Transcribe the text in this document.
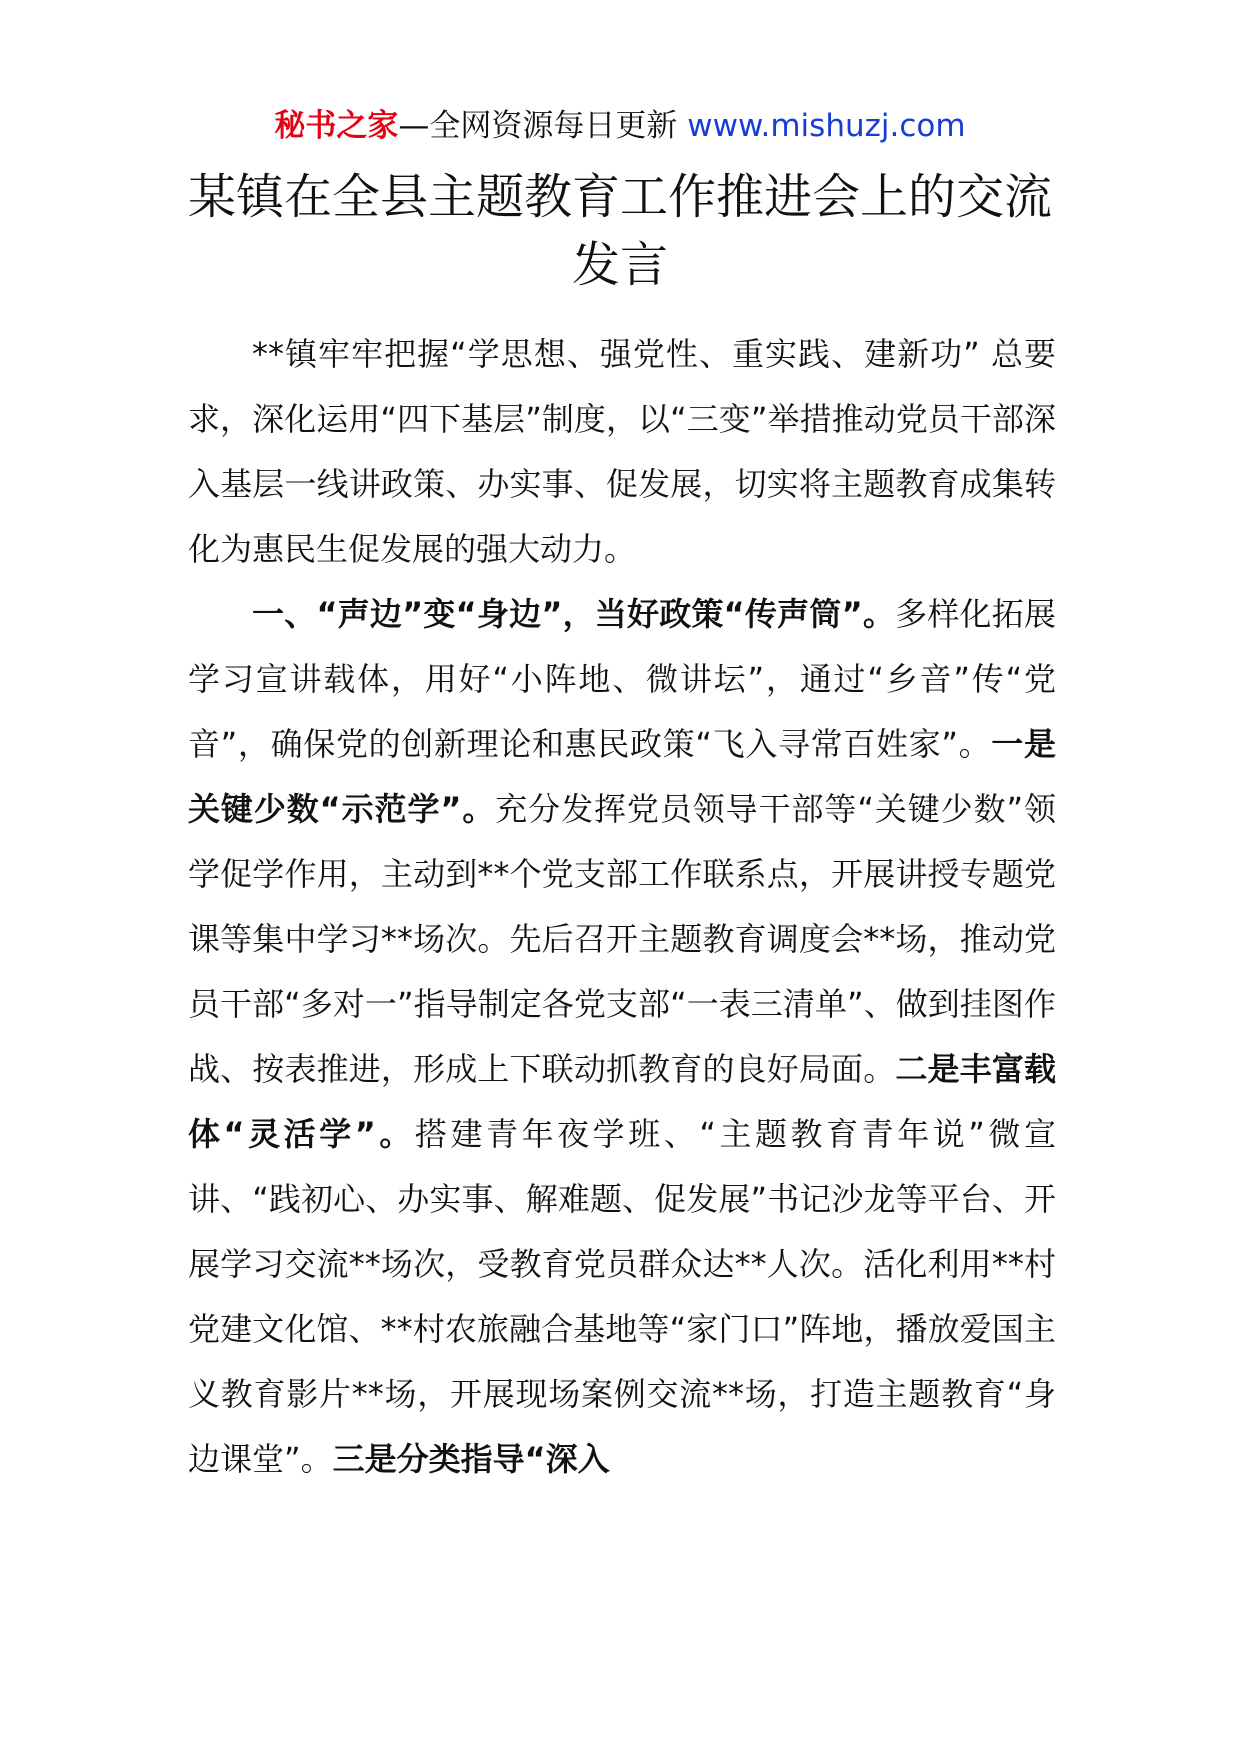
秘书之家—全网资源每日更新 www.mishuzj.com
某镇在全县主题教育工作推进会上的交流
发言

**镇牢牢把握“学思想、强党性、重实践、建新功” 总要求，深化运用“四下基层”制度，以“三变”举措推动党员干部深入基层一线讲政策、办实事、促发展，切实将主题教育成集转化为惠民生促发展的强大动力。

一、“声边”变“身边”，当好政策“传声筒”。多样化拓展学习宣讲载体，用好“小阵地、微讲坛”，通过“乡音”传“党音”，确保党的创新理论和惠民政策“飞入寻常百姓家”。一是关键少数“示范学”。充分发挥党员领导干部等“关键少数”领学促学作用，主动到**个党支部工作联系点，开展讲授专题党课等集中学习**场次。先后召开主题教育调度会**场，推动党员干部“多对一”指导制定各党支部“一表三清单”、做到挂图作战、按表推进，形成上下联动抓教育的良好局面。二是丰富载体“灵活学”。搭建青年夜学班、“主题教育青年说”微宣讲、“践初心、办实事、解难题、促发展”书记沙龙等平台、开展学习交流**场次，受教育党员群众达**人次。活化利用**村党建文化馆、**村农旅融合基地等“家门口”阵地，播放爱国主义教育影片**场，开展现场案例交流**场，打造主题教育“身边课堂”。三是分类指导“深入
